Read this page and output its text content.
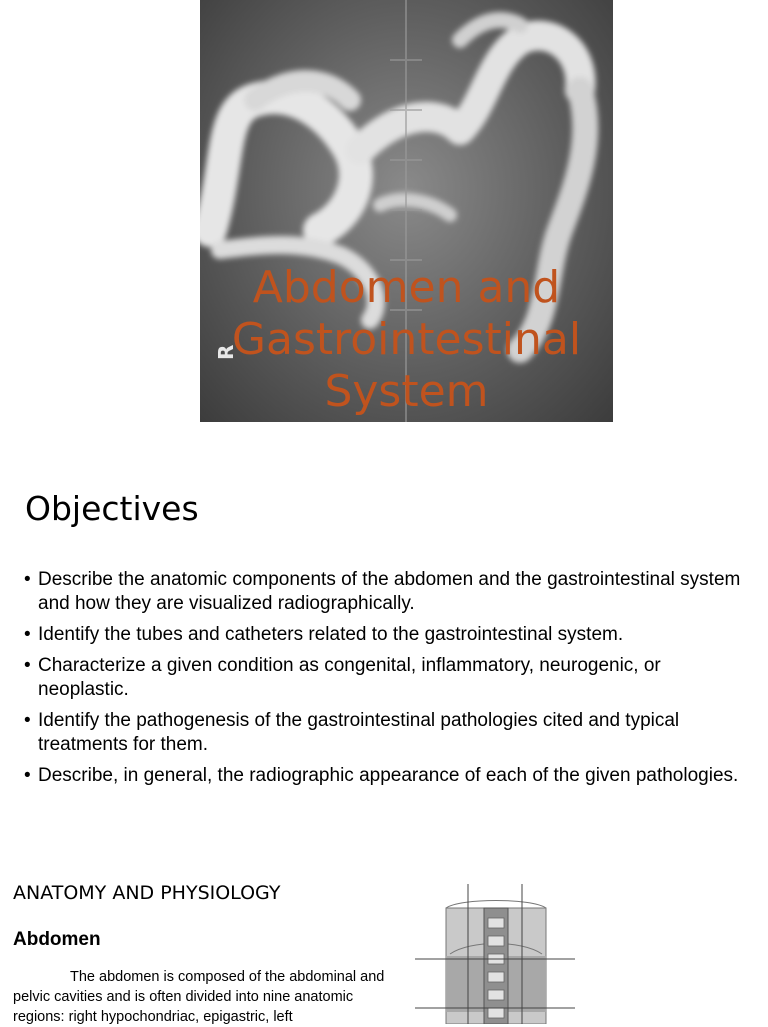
R
Abdomen and Gastrointestinal System
Objectives
• Describe the anatomic components of the abdomen and the gastrointestinal system and how they are visualized radiographically.
• Identify the tubes and catheters related to the gastrointestinal system.
• Characterize a given condition as congenital, inflammatory, neurogenic, or neoplastic.
• Identify the pathogenesis of the gastrointestinal pathologies cited and typical treatments for them.
• Describe, in general, the radiographic appearance of each of the given pathologies.
ANATOMY AND PHYSIOLOGY
Abdomen
The abdomen is composed of the abdominal and pelvic cavities and is often divided into nine anatomic regions: right hypochondriac, epigastric, left
